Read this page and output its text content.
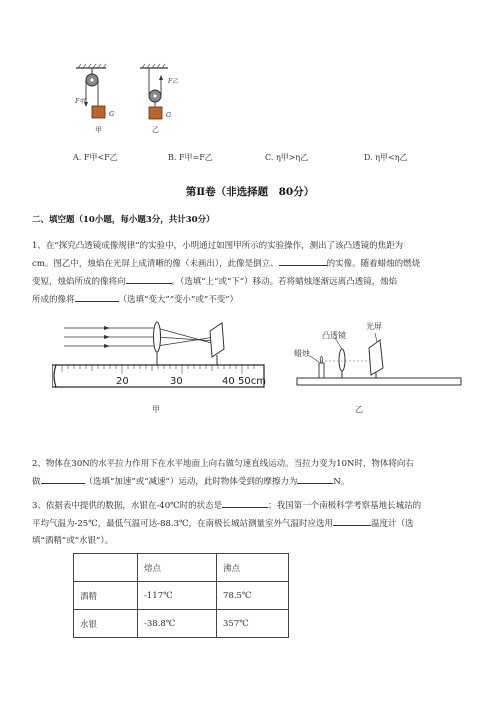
F甲
G
甲
F乙
G
乙
A. F甲<F乙	B. F甲=F乙	C. η甲>η乙	D. η甲<η乙
第Ⅱ卷（非选择题　80分）
二、填空题（10小题，每小题3分，共计30分）
1、在“探究凸透镜成像规律”的实验中，小明通过如图甲所示的实验操作，测出了该凸透镜的焦距为
cm。图乙中，烛焰在光屏上成清晰的像（未画出），此像是倒立、	的实像。随着蜡烛的燃烧
变短，烛焰所成的像将向	。（选填“上”或“下”）移动。若将蜡烛逐渐远离凸透镜，烛焰
所成的像将	（选填“变大”“变小”或“不变”）
20	30	40 50cm
甲
凸透镜
光屏
蜡烛
乙
2、物体在30N的水平拉力作用下在水平地面上向右做匀速直线运动。当拉力变为10N时，物体将向右
做	（选填“加速”或“减速”）运动，此时物体受到的摩擦力为	N。
3、依据表中提供的数据，水银在-40℃时的状态是	；我国第一个南极科学考察基地长城站的
平均气温为-25℃，最低气温可达-88.3℃，在南极长城站测量室外气温时应选用	温度计（选
填“酒精”或“水银”）。
	熔点	沸点
酒精	-117℃	78.5℃
水银	-38.8℃	357℃
